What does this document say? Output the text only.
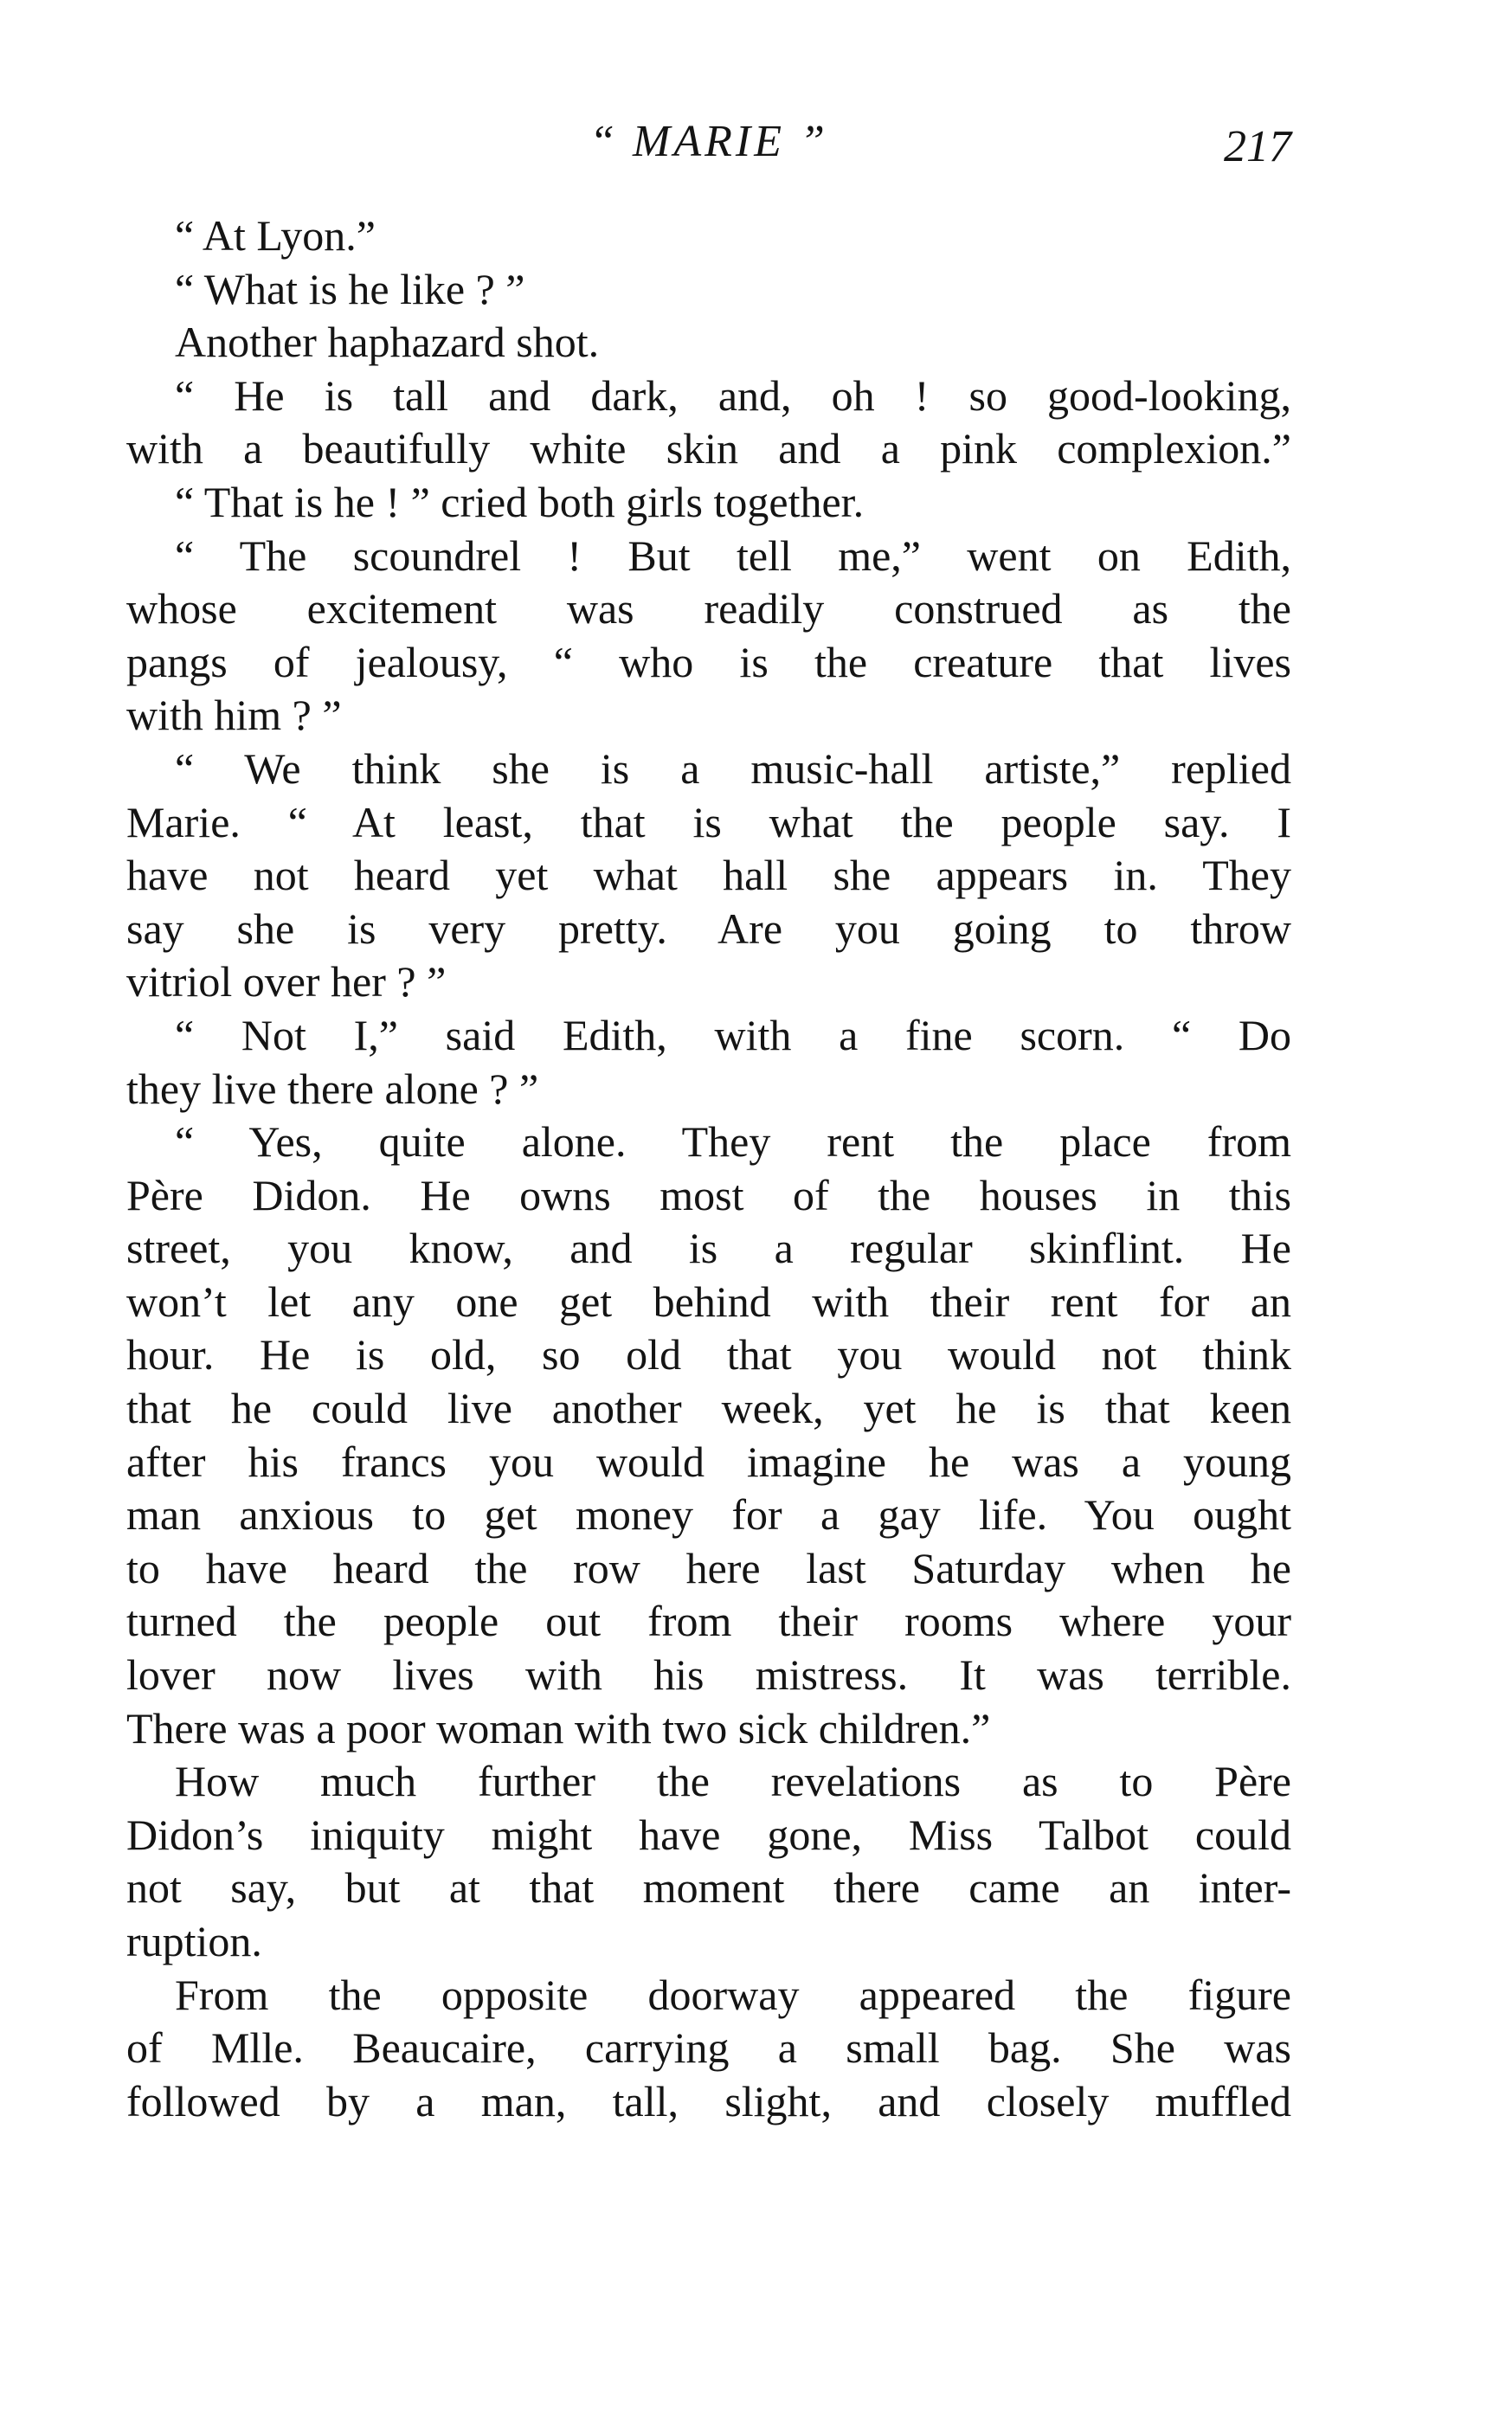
“ MARIE ”	217
“ At Lyon.”
“ What is he like ? ”
Another haphazard shot.
“ He is tall and dark, and, oh ! so good-looking,
with a beautifully white skin and a pink complexion.”
“ That is he ! ” cried both girls together.
“ The scoundrel ! But tell me,” went on Edith,
whose excitement was readily construed as the
pangs of jealousy, “ who is the creature that lives
with him ? ”
“ We think she is a music-hall artiste,” replied
Marie. “ At least, that is what the people say. I
have not heard yet what hall she appears in. They
say she is very pretty. Are you going to throw
vitriol over her ? ”
“ Not I,” said Edith, with a fine scorn. “ Do
they live there alone ? ”
“ Yes, quite alone. They rent the place from
Père Didon. He owns most of the houses in this
street, you know, and is a regular skinflint. He
won’t let any one get behind with their rent for an
hour. He is old, so old that you would not think
that he could live another week, yet he is that keen
after his francs you would imagine he was a young
man anxious to get money for a gay life. You ought
to have heard the row here last Saturday when he
turned the people out from their rooms where your
lover now lives with his mistress. It was terrible.
There was a poor woman with two sick children.”
How much further the revelations as to Père
Didon’s iniquity might have gone, Miss Talbot could
not say, but at that moment there came an inter-
ruption.
From the opposite doorway appeared the figure
of Mlle. Beaucaire, carrying a small bag. She was
followed by a man, tall, slight, and closely muffled
